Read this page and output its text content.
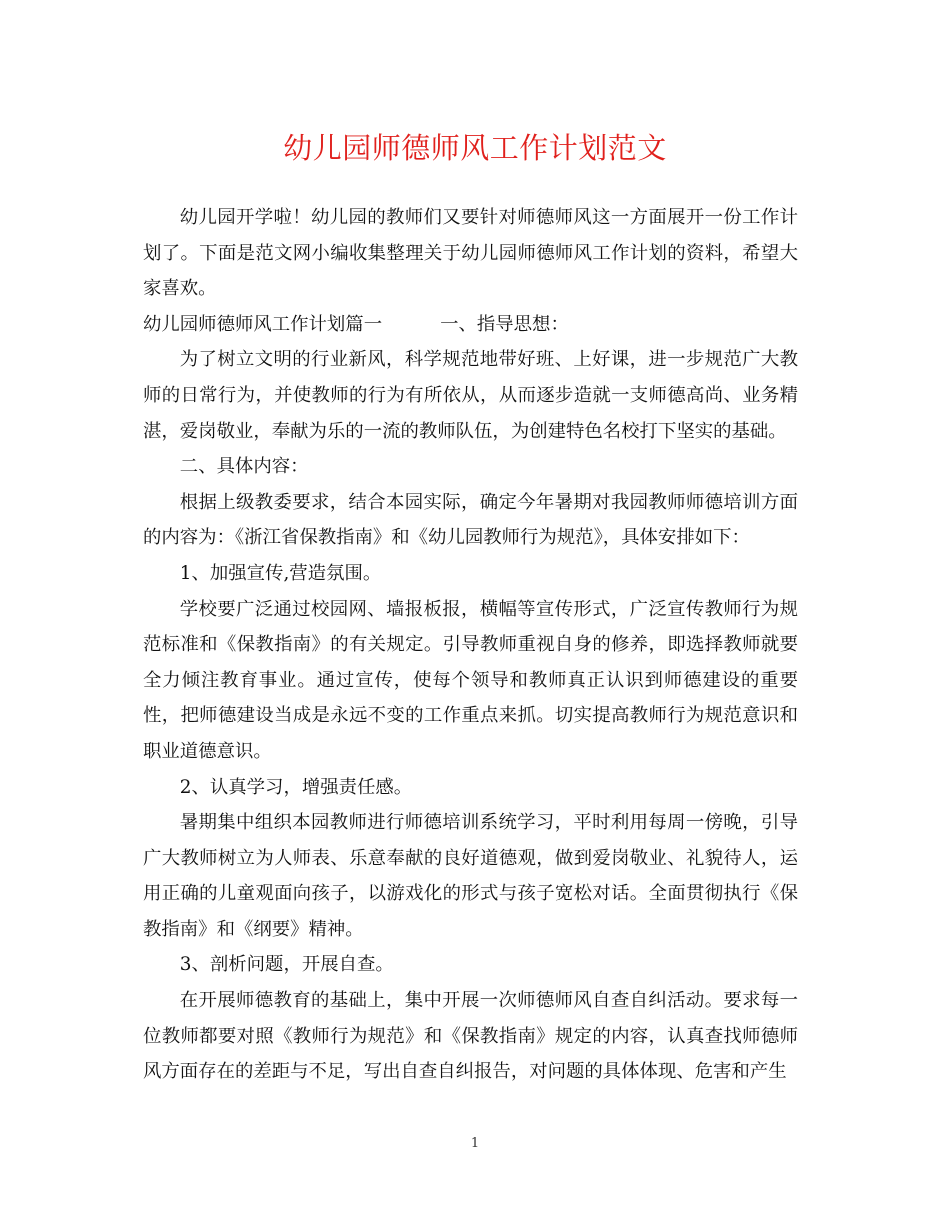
幼儿园师德师风工作计划范文

幼儿园开学啦！幼儿园的教师们又要针对师德师风这一方面展开一份工作计划了。下面是范文网小编收集整理关于幼儿园师德师风工作计划的资料，希望大家喜欢。

幼儿园师德师风工作计划篇一	一、指导思想：

为了树立文明的行业新风，科学规范地带好班、上好课，进一步规范广大教师的日常行为，并使教师的行为有所依从，从而逐步造就一支师德高尚、业务精湛，爱岗敬业，奉献为乐的一流的教师队伍，为创建特色名校打下坚实的基础。

二、具体内容：

根据上级教委要求，结合本园实际，确定今年暑期对我园教师师德培训方面的内容为：《浙江省保教指南》和《幼儿园教师行为规范》，具体安排如下：

1、加强宣传,营造氛围。

学校要广泛通过校园网、墙报板报，横幅等宣传形式，广泛宣传教师行为规范标准和《保教指南》的有关规定。引导教师重视自身的修养，即选择教师就要全力倾注教育事业。通过宣传，使每个领导和教师真正认识到师德建设的重要性，把师德建设当成是永远不变的工作重点来抓。切实提高教师行为规范意识和职业道德意识。

2、认真学习，增强责任感。

暑期集中组织本园教师进行师德培训系统学习，平时利用每周一傍晚，引导广大教师树立为人师表、乐意奉献的良好道德观，做到爱岗敬业、礼貌待人，运用正确的儿童观面向孩子，以游戏化的形式与孩子宽松对话。全面贯彻执行《保教指南》和《纲要》精神。

3、剖析问题，开展自查。

在开展师德教育的基础上，集中开展一次师德师风自查自纠活动。要求每一位教师都要对照《教师行为规范》和《保教指南》规定的内容，认真查找师德师风方面存在的差距与不足，写出自查自纠报告，对问题的具体体现、危害和产生

1
